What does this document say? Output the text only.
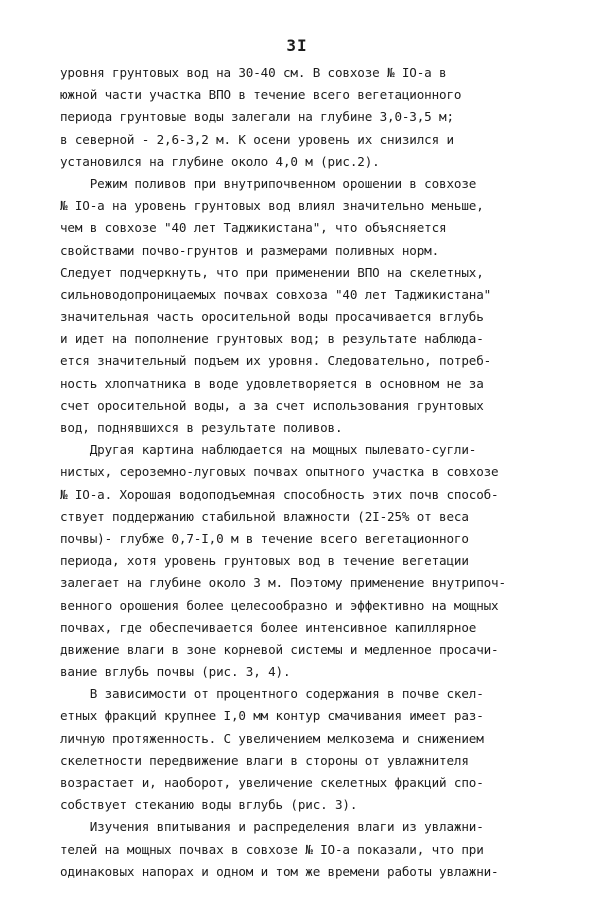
3I
уровня грунтовых вод на 30-40 см. В совхозе № IO-а в
южной части участка ВПО в течение всего вегетационного
периода грунтовые воды залегали на глубине 3,0-3,5 м;
в северной - 2,6-3,2 м. К осени уровень их снизился и
установился на глубине около 4,0 м (рис.2).
Режим поливов при внутрипочвенном орошении в совхозе
№ IO-а на уровень грунтовых вод влиял значительно меньше,
чем в совхозе "40 лет Таджикистана", что объясняется
свойствами почво-грунтов и размерами поливных норм.
Следует подчеркнуть, что при применении ВПО на скелетных,
сильноводопроницаемых почвах совхоза "40 лет Таджикистана"
значительная часть оросительной воды просачивается вглубь
и идет на пополнение грунтовых вод; в результате наблюда-
ется значительный подъем их уровня. Следовательно, потреб-
ность хлопчатника в воде удовлетворяется в основном не за
счет оросительной воды, а за счет использования грунтовых
вод, поднявшихся в результате поливов.
Другая картина наблюдается на мощных пылевато-сугли-
нистых, сероземно-луговых почвах опытного участка в совхозе
№ IO-а. Хорошая водоподъемная способность этих почв способ-
ствует поддержанию стабильной влажности (2I-25% от веса
почвы)- глубже 0,7-I,0 м в течение всего вегетационного
периода, хотя уровень грунтовых вод в течение вегетации
залегает на глубине около 3 м. Поэтому применение внутрипоч-
венного орошения более целесообразно и эффективно на мощных
почвах, где обеспечивается более интенсивное капиллярное
движение влаги в зоне корневой системы и медленное просачи-
вание вглубь почвы (рис. 3, 4).
В зависимости от процентного содержания в почве скел-
етных фракций крупнее I,0 мм контур смачивания имеет раз-
личную протяженность. С увеличением мелкозема и снижением
скелетности передвижение влаги в стороны от увлажнителя
возрастает и, наоборот, увеличение скелетных фракций спо-
собствует стеканию воды вглубь (рис. 3).
Изучения впитывания и распределения влаги из увлажни-
телей на мощных почвах в совхозе № IO-а показали, что при
одинаковых напорах и одном и том же времени работы увлажни-
